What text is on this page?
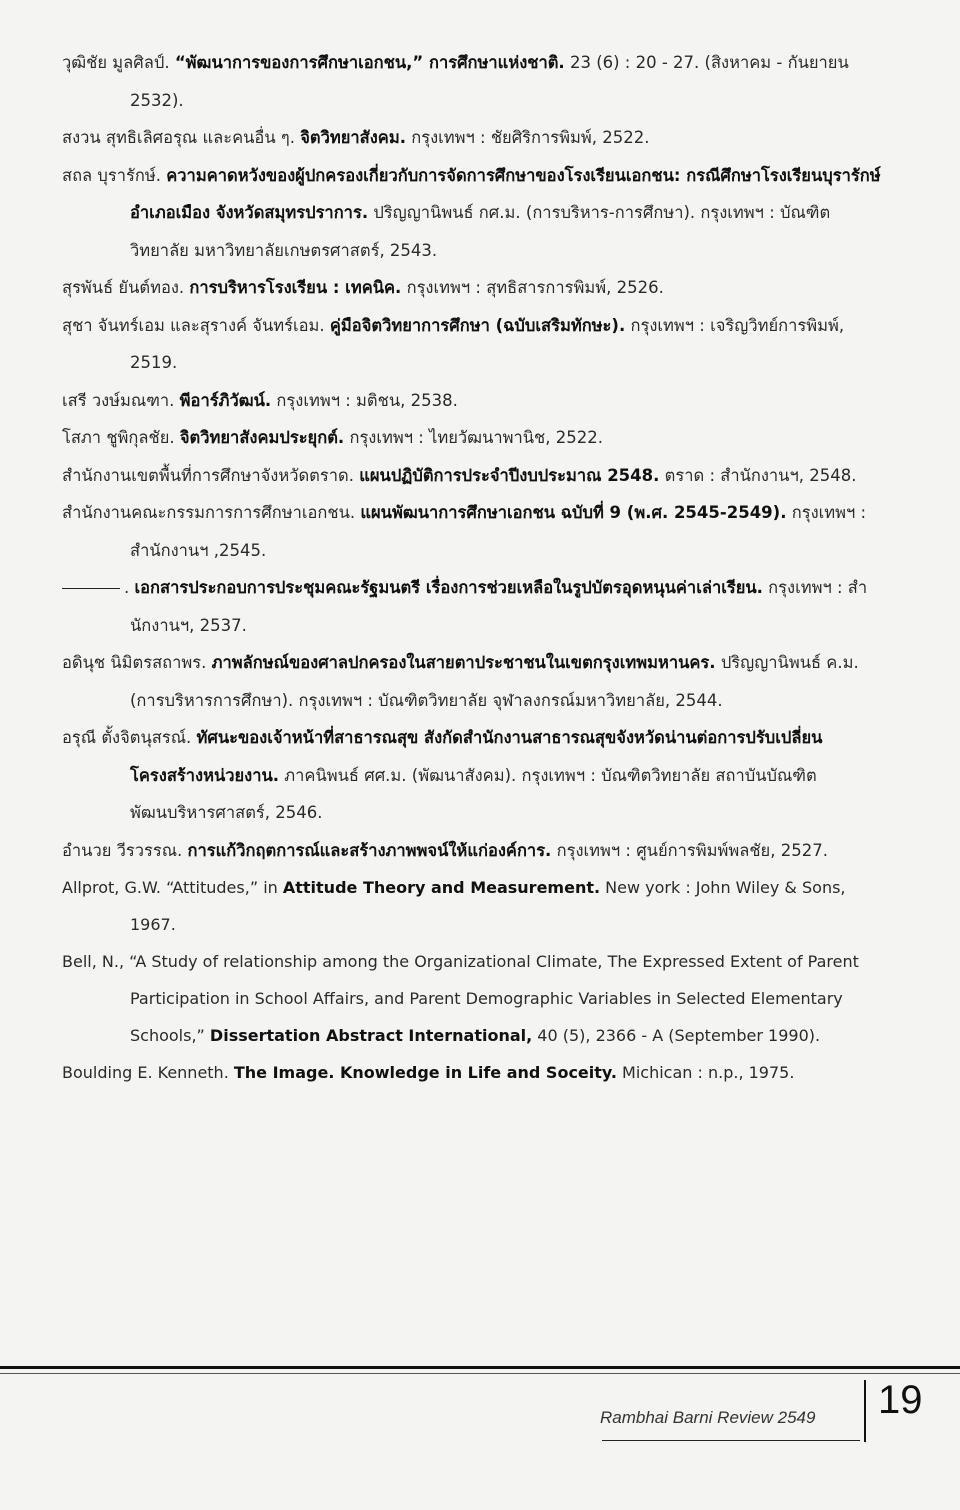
วุฒิชัย มูลศิลป์. “พัฒนาการของการศึกษาเอกชน,” การศึกษาแห่งชาติ. 23 (6) : 20 - 27. (สิงหาคม - กันยายน 2532).

สงวน สุทธิเลิศอรุณ และคนอื่น ๆ. จิตวิทยาสังคม. กรุงเทพฯ : ชัยศิริการพิมพ์, 2522.

สถล บุรารักษ์. ความคาดหวังของผู้ปกครองเกี่ยวกับการจัดการศึกษาของโรงเรียนเอกชน: กรณีศึกษาโรงเรียนบุรารักษ์ อำเภอเมือง จังหวัดสมุทรปราการ. ปริญญานิพนธ์ กศ.ม. (การบริหาร-การศึกษา). กรุงเทพฯ : บัณฑิตวิทยาลัย มหาวิทยาลัยเกษตรศาสตร์, 2543.

สุรพันธ์ ยันต์ทอง. การบริหารโรงเรียน : เทคนิค. กรุงเทพฯ : สุทธิสารการพิมพ์, 2526.

สุชา จันทร์เอม และสุรางค์ จันทร์เอม. คู่มือจิตวิทยาการศึกษา (ฉบับเสริมทักษะ). กรุงเทพฯ : เจริญวิทย์การพิมพ์, 2519.

เสรี วงษ์มณฑา. พีอาร์ภิวัฒน์. กรุงเทพฯ : มติชน, 2538.

โสภา ชูพิกุลชัย. จิตวิทยาสังคมประยุกต์. กรุงเทพฯ : ไทยวัฒนาพานิช, 2522.

สำนักงานเขตพื้นที่การศึกษาจังหวัดตราด. แผนปฏิบัติการประจำปีงบประมาณ 2548. ตราด : สำนักงานฯ, 2548.

สำนักงานคณะกรรมการการศึกษาเอกชน. แผนพัฒนาการศึกษาเอกชน ฉบับที่ 9 (พ.ศ. 2545-2549). กรุงเทพฯ : สำนักงานฯ ,2545.

. เอกสารประกอบการประชุมคณะรัฐมนตรี เรื่องการช่วยเหลือในรูปบัตรอุดหนุนค่าเล่าเรียน. กรุงเทพฯ : สำนักงานฯ, 2537.

อดินุช นิมิตรสถาพร. ภาพลักษณ์ของศาลปกครองในสายตาประชาชนในเขตกรุงเทพมหานคร. ปริญญานิพนธ์ ค.ม. (การบริหารการศึกษา). กรุงเทพฯ : บัณฑิตวิทยาลัย จุฬาลงกรณ์มหาวิทยาลัย, 2544.

อรุณี ตั้งจิตนุสรณ์. ทัศนะของเจ้าหน้าที่สาธารณสุข สังกัดสำนักงานสาธารณสุขจังหวัดน่านต่อการปรับเปลี่ยนโครงสร้างหน่วยงาน. ภาคนิพนธ์ ศศ.ม. (พัฒนาสังคม). กรุงเทพฯ : บัณฑิตวิทยาลัย สถาบันบัณฑิตพัฒนบริหารศาสตร์, 2546.

อำนวย วีรวรรณ. การแก้วิกฤตการณ์และสร้างภาพพจน์ให้แก่องค์การ. กรุงเทพฯ : ศูนย์การพิมพ์พลชัย, 2527.

Allprot, G.W. “Attitudes,” in Attitude Theory and Measurement. New york : John Wiley & Sons, 1967.

Bell, N., “A Study of relationship among the Organizational Climate, The Expressed Extent of Parent Participation in School Affairs, and Parent Demographic Variables in Selected Elementary Schools,” Dissertation Abstract International, 40 (5), 2366 - A (September 1990).

Boulding E. Kenneth. The Image. Knowledge in Life and Soceity. Michican : n.p., 1975.

Rambhai Barni Review 2549 19
